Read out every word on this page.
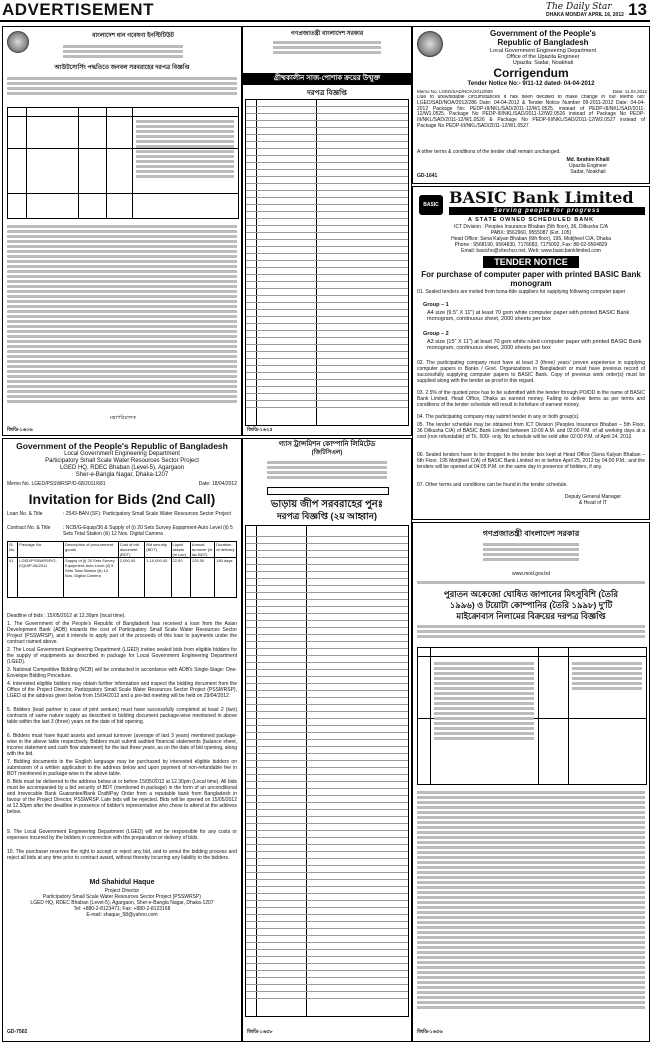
ADVERTISEMENT	The Daily Star
DHAKA MONDAY APRIL 16, 2012 13
বাংলাদেশ ধান গবেষণা ইনস্টিটিউট
আউটসোর্সিং পদ্ধতিতে জনবল সরবরাহের দরপত্র বিজ্ঞপ্তি
মহাপরিচালক
জিডি-১৬০৬
গণপ্রজাতন্ত্রী বাংলাদেশ সরকার
গ্রীষ্মকালীন সাজ-পোশাক ক্রয়ের উন্মুক্ত
দরপত্র বিজ্ঞপ্তি
জিডি-১৬২৫
Government of the People's
Republic of Bangladesh
Local Government Engineering Department
Office of the Upazila Engineer
Upazila: Sadar, Noakhali
Corrigendum
Tender Notice No:- 9/11-12 dated- 04-04-2012
Memo No: LGED/SAD/NOA/2012/809	Date: 11.04.2012
Due to unavoidable circumstances it has been decided to make change in our Memo No: LGED/SAD/NOA/2012/286 Date: 04-04-2012 & Tender Notice Number 09-2011-2012 Date: 04-04-2012 Package No: PEDP-III/NKL/SAD/2011-12/W1.0525, instead of PEDP-III/NKL/SAD/2011-12/W1.0525, Package No PEDP-III/NKL/SAD/2011-12/W2.0526 instead of Package No PEDP-III/NKL/SAD/2011-12/W1.0526 & Package No PEDP-III/NKL/SAD/2011-12/W2.0527 instead of Package No PEDP-III/NKL/SAD/2011-12/W1.0527.
A other terms & conditions of the tender shall remain unchanged.
Md. Ibrahim Khalil
Upazila Engineer
Sadar, Noakhali
GD-1641
BASIC BASIC Bank Limited
Serving people for progress
A STATE OWNED SCHEDULED BANK
ICT Division : Peoples Insurance Bhaban (5th floor), 36, Dilkusha C/A
PABX: 9562960, 9555087 (Ext. 105)
Head Office: Sena Kalyan Bhaban (6th floor), 195, Motijheel C/A, Dhaka
Phone : 9568190, 9564830, 7176683, 7175092, Fax: 88-02-9564829
Email: basicho@citechco.net, Web: www.basicbanklimited.com
TENDER NOTICE
For purchase of computer paper with printed BASIC Bank monogram
01. Sealed tenders are invited from bona-fide suppliers for supplying following computer paper
Group – 1
A4 size (9.5" X 11") at least 70 gsm white computer paper with printed BASIC Bank monogram, continuous sheet, 2000 sheets per box
Group – 2
A3 size (15" X 11") at least 70 gsm white ruled computer paper with printed BASIC Bank monogram, continuous sheet, 2000 sheets per box
02. The participating company must have at least 3 (three) years' proven experience in supplying computer papers in Banks / Govt. Organizations in Bangladesh or must have previous record of successfully supplying computer papers to BASIC Bank. Copy of previous work order(s) must be supplied along with the tender as proof in this regard.
03. 2.5% of the quoted price has to be submitted with the tender through PO/DD in the name of BASIC Bank Limited, Head Office, Dhaka as earnest money. Failing to deliver items as per terms and conditions of the tender schedule will result in forfeiture of earnest money.
04. The participating company may submit tender in any or both group(s).
05. The tender schedule may be obtained from ICT Division (Peoples Insurance Bhaban – 5th Floor, 36 Dilkusha C/A) of BASIC Bank Limited between 10:00 A.M. and 02:00 P.M. of all working days at a cost (non refundable) of Tk. 500/- only. No schedule will be sold after 02:00 P.M. of April 24, 2012.
06. Sealed tenders have to be dropped in the tender box kept at Head Office (Sena Kalyan Bhaban – 6th Floor, 195 Motijheel C/A) of BASIC Bank Limited on or before April 25, 2012 by 04:00 P.M.; and the tenders will be opened at 04:05 P.M. on the same day in presence of bidders, if any.
07. Other terms and conditions can be found in the tender schedule.
Deputy General Manager
& Head of IT
Government of the People's Republic of Bangladesh
Local Government Engineering Department
Participatory Small Scale Water Resources Sector Project
LGED HQ, RDEC Bhaban (Level-5), Agargaon
Sher-e-Bangla Nagar, Dhaka-1207
Memo No. LGED/PSSWRSP/D-68/2011/681	Date: 18/04/2012
Invitation for Bids (2nd Call)
Loan No. & Title	: 2543-BAN (SF): Participatory Small Scale Water Resources Sector Project
Contract No. & Title	: NCB/G-Equip/36 & Supply of (i) 20 Sets Survey Equipment-Auto Level (ii) 5 Sets Total Station (iii) 12 Nos. Digital Camera
Sl. No.	Package No.	Description of procurement goods	Cost of bid document (BDT)	Bid security (BDT)	Liquid assets (in Lac)	Annual turnover (in lac BDT)	Duration of delivery
01	LGED/PSSWRSP/G-EQUIP-06/2011	Supply of (i) 20 Sets Survey Equipment-Auto Level (ii) 5 Sets Total Station (iii) 12 Nos. Digital Camera	2,000.00	1,10,000.00	22.00	125.00	180 days
Deadline of bids : 15/05/2012 at 12.30pm (local time).
1. The Government of the People's Republic of Bangladesh has received a loan from the Asian Development Bank (ADB) towards the cost of Participatory Small Scale Water Resources Sector Project (PSSWRSP), and it intends to apply part of the proceeds of this loan to payments under the contract named above.
2. The Local Government Engineering Department (LGED) invites sealed bids from eligible bidders for the supply of equipments as described in package for Local Government Engineering Department (LGED).
3. National Competitive Bidding (NCB) will be conducted in accordance with ADB's Single-Stage: One-Envelope Bidding Procedure.
4. Interested eligible bidders may obtain further information and inspect the bidding document from the Office of the Project Director, Participatory Small Scale Water Resources Sector Project (PSSWRSP), LGED at the address given below from 15/04/2012 and a pre-bid meeting will be held on 29/04/2012.
5. Bidders (lead partner in case of joint venture) must have successfully completed at least 2 (two) contracts of same nature supply as described in bidding document package-wise mentioned in above table within the last 3 (three) years on the date of bid opening.
6. Bidders must have liquid assets and annual turnover (average of last 3 years) mentioned package-wise in the above table respectively. Bidders must submit audited financial statements (balance sheet, income statement and cash flow statement) for the last three years, as on the date of bid opening, along with the bid.
7. Bidding documents in the English language may be purchased by interested eligible bidders on submission of a written application to the address below and upon payment of non-refundable fee in BDT mentioned in package-wise in the above table.
8. Bids must be delivered to the address below at or before 15/05/2012 at 12.30pm (Local time). All bids must be accompanied by a bid security of BDT (mentioned in package) in the form of an unconditional and irrevocable Bank Guarantee/Bank Draft/Pay Order from a reputable bank from Bangladesh in favour of the Project Director, PSSWRSP. Late bids will be rejected. Bids will be opened on 15/05/2012 at 12.50pm after the deadline in presence of bidder's representative who chose to attend at the address below.
9. The Local Government Engineering Department (LGED) will not be responsible for any costs or expenses incurred by the bidders in connection with the preparation or delivery of bids.
10. The purchaser reserves the right to accept or reject any bid, and to annul the bidding process and reject all bids at any time prior to contract award, without thereby incurring any liability to the bidders.
Md Shahidul Haque
Project Director
Participatory Small Scale Water Resources Sector Project (PSSWRSP)
LGED HQ, RDEC Bhaban (Level-5), Agargaon, Sher-e-Bangla Nagar, Dhaka-1207
Tel: +880-2-8123471; Fax: +880-2-8123168
E-mail: shaque_58@yahoo.com
GD-7502
গ্যাস ট্রান্সমিশন কোম্পানি লিমিটেড
(জিটিসিএল)
ভাড়ায় জীপ সরবরাহের পুনঃ
দরপত্র বিজ্ঞপ্তি (২য় আহ্বান)
জিডি-১৬৫৮
গণপ্রজাতন্ত্রী বাংলাদেশ সরকার
www.mod.gov.bd
পুরাতন অকেজো ঘোষিত জাপানের মিৎসুবিশি (তৈরি
১৯৯৬) ও টয়োটা কোম্পানির (তৈরি ১৯৯৮) দু'টি
মাইক্রোবাস নিলামের বিক্রয়ের দরপত্র বিজ্ঞপ্তি
জিডি-১৬৫৬
